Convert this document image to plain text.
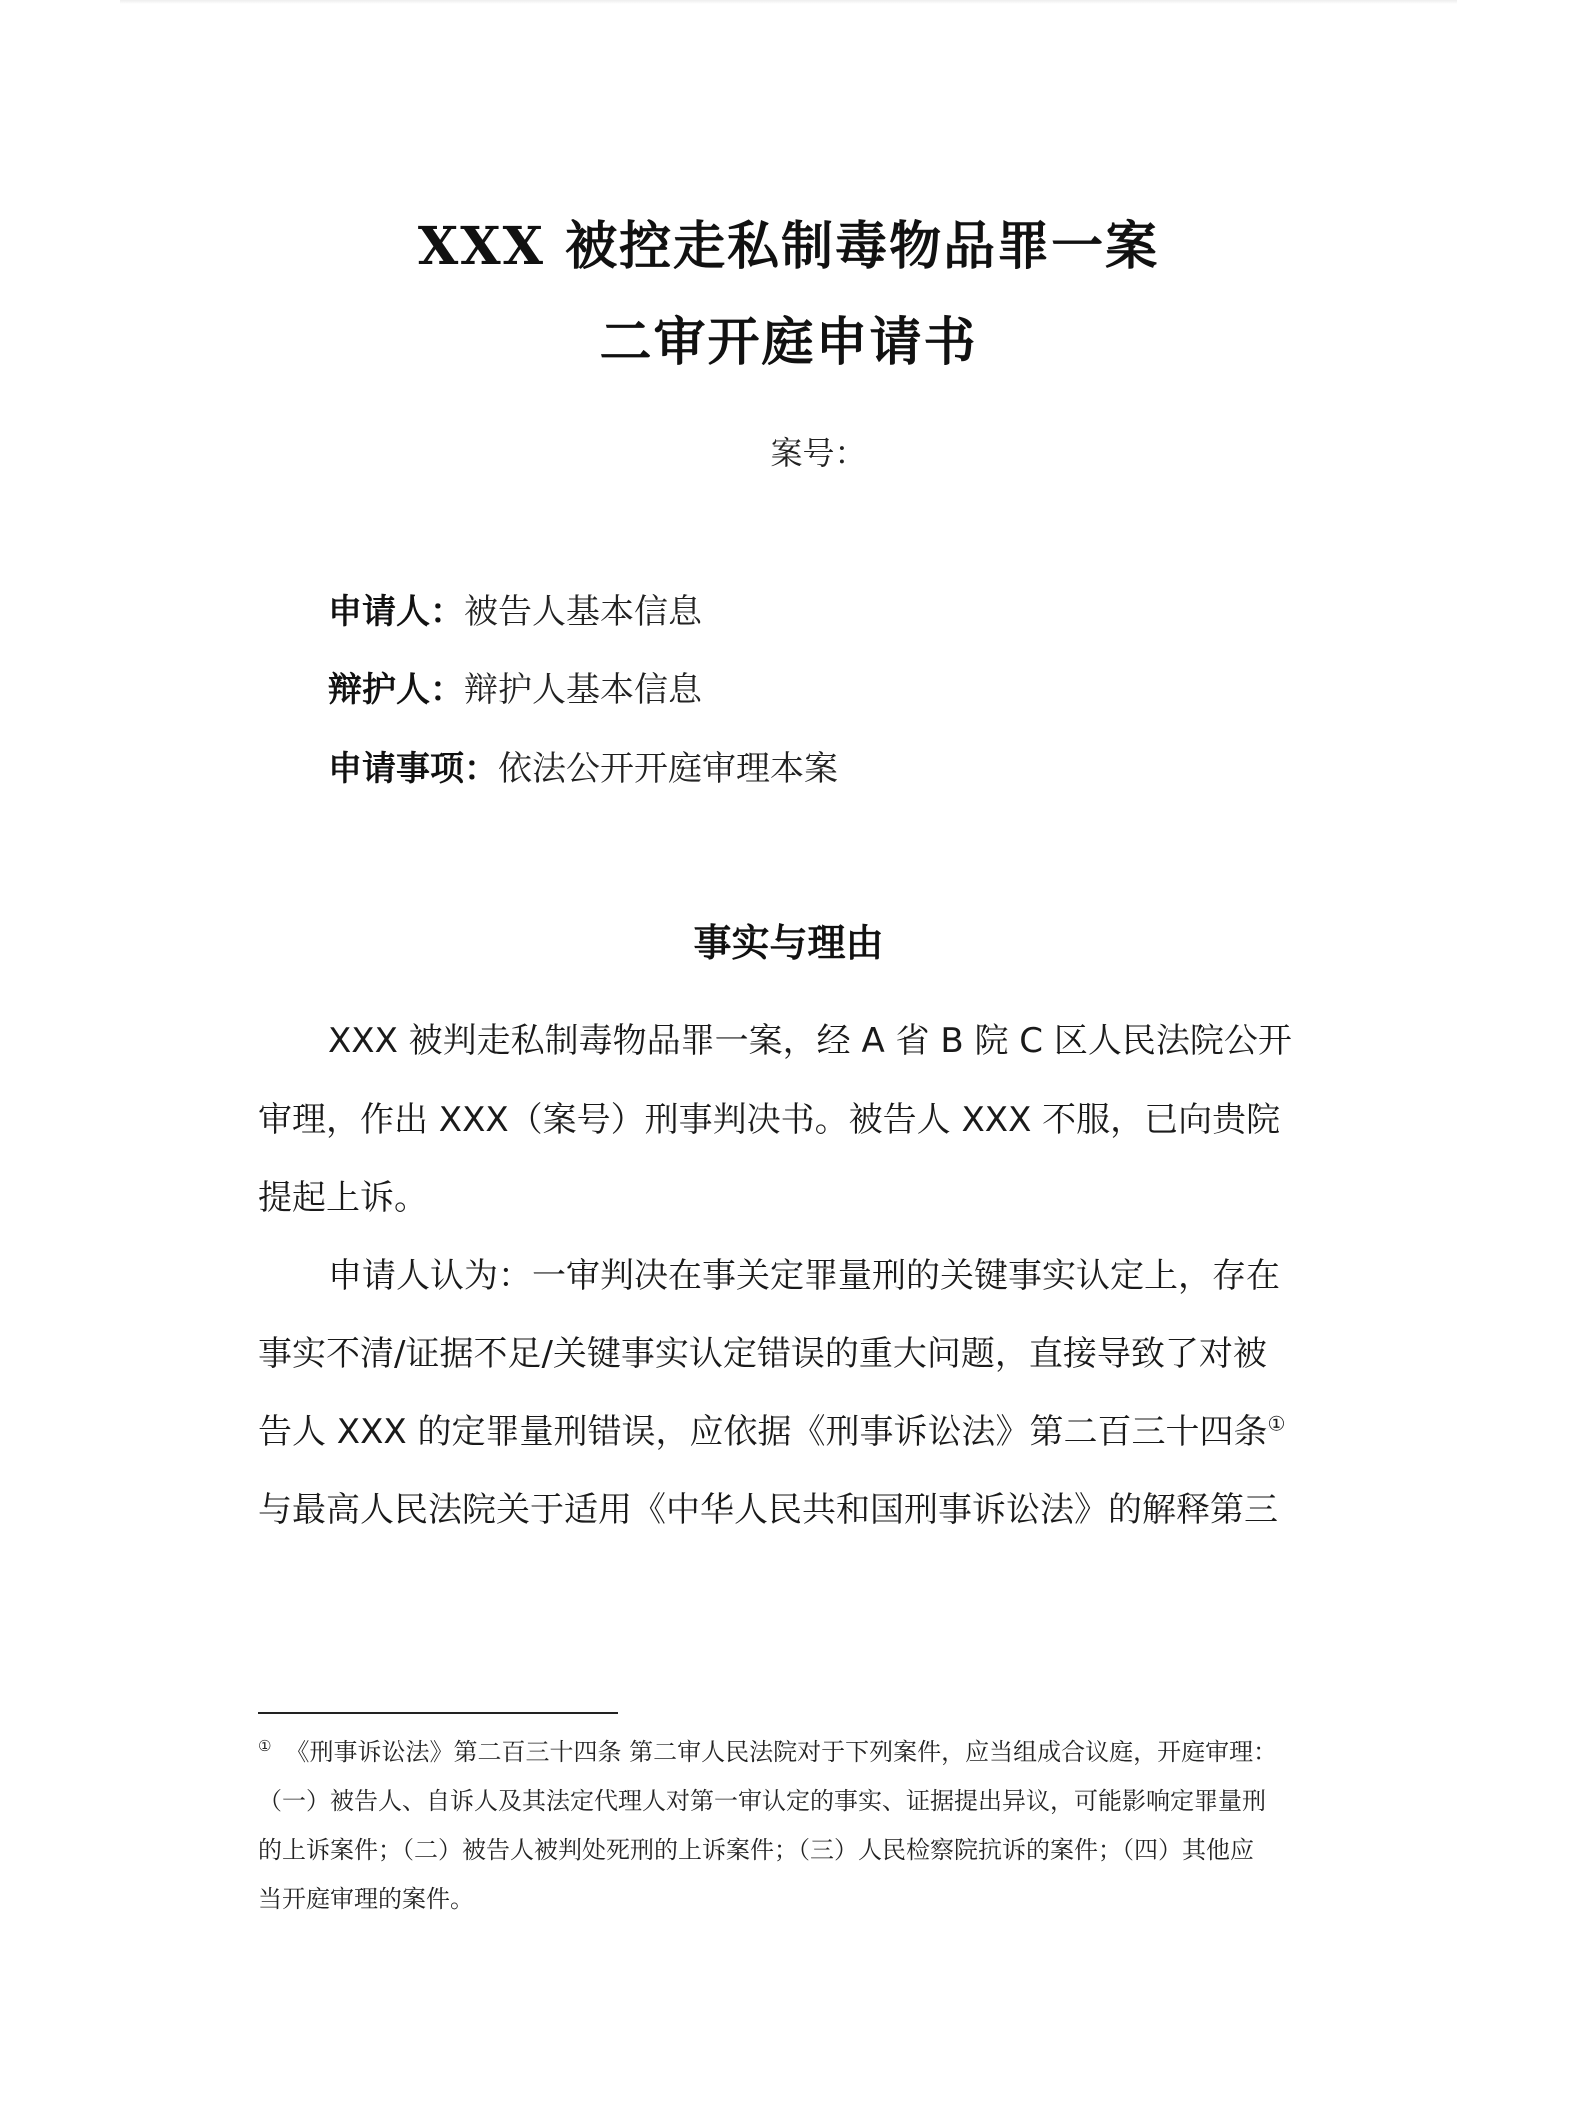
XXX 被控走私制毒物品罪一案
二审开庭申请书
案号：
申请人：被告人基本信息
辩护人：辩护人基本信息
申请事项：依法公开开庭审理本案
事实与理由
XXX 被判走私制毒物品罪一案，经 A 省 B 院 C 区人民法院公开
审理，作出 XXX（案号）刑事判决书。被告人 XXX 不服，已向贵院
提起上诉。
申请人认为：一审判决在事关定罪量刑的关键事实认定上，存在
事实不清/证据不足/关键事实认定错误的重大问题，直接导致了对被
告人 XXX 的定罪量刑错误，应依据《刑事诉讼法》第二百三十四条①
与最高人民法院关于适用《中华人民共和国刑事诉讼法》的解释第三
① 《刑事诉讼法》第二百三十四条 第二审人民法院对于下列案件，应当组成合议庭，开庭审理：
（一）被告人、自诉人及其法定代理人对第一审认定的事实、证据提出异议，可能影响定罪量刑
的上诉案件；（二）被告人被判处死刑的上诉案件；（三）人民检察院抗诉的案件；（四）其他应
当开庭审理的案件。
